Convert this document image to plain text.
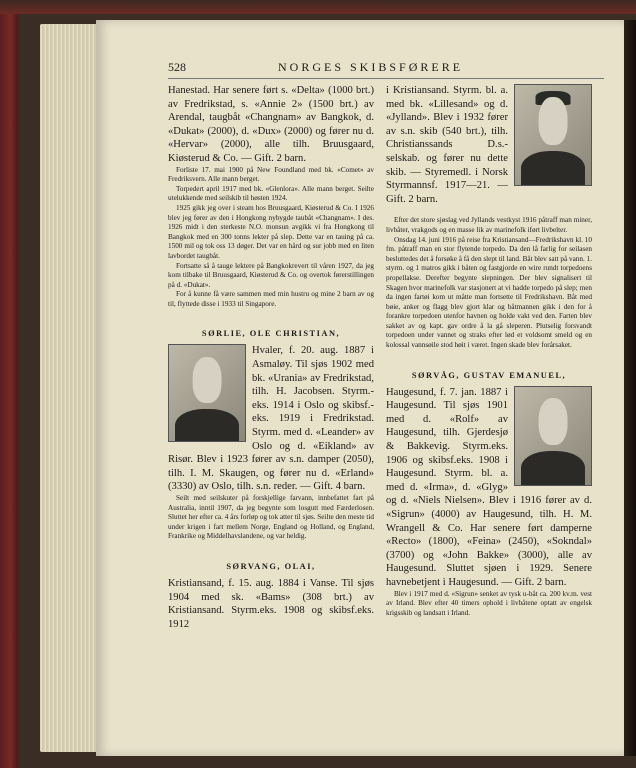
528	NORGES SKIBSFØRERE

Hanestad. Har senere ført s. «Delta» (1000 brt.) av Fredrikstad, s. «Annie 2» (1500 brt.) av Arendal, taugbåt «Changnam» av Bangkok, d. «Dukat» (2000), d. «Dux» (2000) og fører nu d. «Hervar» (2000), alle tilh. Bruusgaard, Kiøsterud & Co. — Gift. 2 barn.

Forliste 17. mai 1900 på New Foundland med bk. «Comet» av Fredriksvern. Alle mann berget.

Torpedert april 1917 med bk. «Glenlora». Alle mann berget. Seilte utelukkende med seilskib til høsten 1924.

1925 gikk jeg over i steam hos Bruusgaard, Kiøsterud & Co. I 1926 blev jeg fører av den i Hongkong nybygde taubåt «Changnam». I des. 1926 midt i den sterkeste N.O. monsun avgikk vi fra Hongkong til Bangkok med en 300 tonns lekter på slep. Dette var en tauing på ca. 1500 mil og tok oss 13 døger. Det var en hård og sur jobb med en liten lavbordet taugbåt.

Fortsatte så å tauge lektere på Bangkokrevert til våren 1927, da jeg kom tilbake til Bruusgaard, Kiøsterud & Co. og overtok førerstillingen på d. «Dukat».

For å kunne få være sammen med min hustru og mine 2 barn av og til, flyttede disse i 1933 til Singapore.

SØRLIE, OLE CHRISTIAN,

Hvaler, f. 20. aug. 1887 i Asmaløy. Til sjøs 1902 med bk. «Urania» av Fredrikstad, tilh. H. Jacobsen. Styrm.-eks. 1914 i Oslo og skibsf.-eks. 1919 i Fredrikstad. Styrm. med d. «Leander» av Oslo og d. «Eikland» av Risør. Blev i 1923 fører av s.n. damper (2050), tilh. I. M. Skaugen, og fører nu d. «Erland» (3330) av Oslo, tilh. s.n. reder. — Gift. 4 barn.

Seilt med seilskuter på forskjellige farvann, innbefattet fart på Australia, inntil 1907, da jeg begynte som losgutt med Færderlosen. Sluttet her efter ca. 4 års forløp og tok atter til sjøs. Seilte den meste tid under krigen i fart mellem Norge, England og Holland, og England, Frankrike og Middelhavslandene, og var heldig.

SØRVANG, OLAI,

Kristiansand, f. 15. aug. 1884 i Vanse. Til sjøs 1904 med sk. «Bams» (308 brt.) av Kristiansand. Styrm.eks. 1908 og skibsf.eks. 1912

i Kristiansand. Styrm. bl. a. med bk. «Lillesand» og d. «Jylland». Blev i 1932 fører av s.n. skib (540 brt.), tilh. Christianssands D.s.-selskab. og fører nu dette skib. — Styremedl. i Norsk Styrmannsf. 1917—21. — Gift. 2 barn.

Efter det store sjøslag ved Jyllands vestkyst 1916 påtraff man miner, livbåter, vrakgods og en masse lik av marinefolk iført livbelter.

Onsdag 14. juni 1916 på reise fra Kristiansand—Fredrikshavn kl. 10 fm. påtraff man en stor flytende torpedo. Da den lå farlig for seilasen besluttedes det å forsøke å få den slept til land. Båt blev satt på vann. 1. styrm. og 1 matros gikk i båten og fastgjorde en wire rundt torpedoens propellakse. Derefter begynte slepningen. Der blev signalisert til Skagen hvor marinefolk var stasjonert at vi hadde torpedo på slep; men da ingen fartøi kom ut måtte man fortsette til Fredrikshavn. Båt med bøie, anker og flagg blev gjort klar og båtmannen gikk i den for å forankre torpedoen utenfor havnen og holde vakt ved den. Farten blev sakket av og kapt. gav ordre å la gå sleperen. Plutselig forsvandt torpedoen under vannet og straks efter lød et voldsomt smeld og en kolossal vannsøile stod høit i været. Ingen skade blev forårsaket.

SØRVÅG, GUSTAV EMANUEL,

Haugesund, f. 7. jan. 1887 i Haugesund. Til sjøs 1901 med d. «Rolf» av Haugesund, tilh. Gjerdesjø & Bakkevig. Styrm.eks. 1906 og skibsf.eks. 1908 i Haugesund. Styrm. bl. a. med d. «Irma», d. «Glyg» og d. «Niels Nielsen». Blev i 1916 fører av d. «Sigrun» (4000) av Haugesund, tilh. H. M. Wrangell & Co. Har senere ført damperne «Recto» (1800), «Feina» (2450), «Sokndal» (3700) og «John Bakke» (3000), alle av Haugesund. Sluttet sjøen i 1929. Senere havnebetjent i Haugesund. — Gift. 2 barn.

Blev i 1917 med d. «Sigrun» senket av tysk u-båt ca. 200 kv.m. vest av Irland. Blev efter 40 timers ophold i livbåtene optatt av engelsk krigsskib og landsatt i Irland.
